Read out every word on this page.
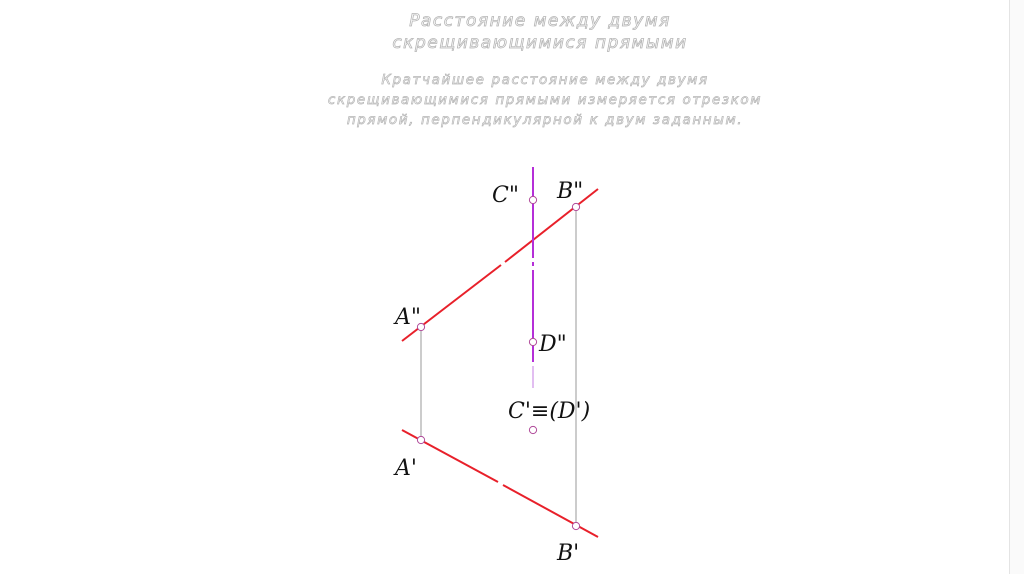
Расстояние между двумя
скрещивающимися прямыми
Кратчайшее расстояние между двумя
скрещивающимися прямыми измеряется отрезком
прямой, перпендикулярной к двум заданным.
C" B"
A"
D"
C'≡(D')
A'
B'
